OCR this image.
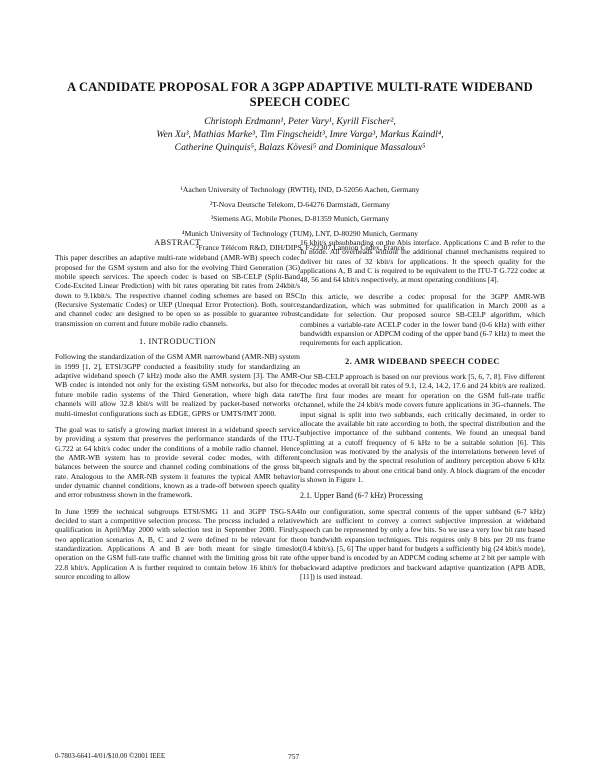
A CANDIDATE PROPOSAL FOR A 3GPP ADAPTIVE MULTI-RATE WIDEBAND SPEECH CODEC
Christoph Erdmann¹, Peter Vary¹, Kyrill Fischer²,
Wen Xu³, Mathias Marke³, Tim Fingscheidt³, Imre Varga³, Markus Kaindl⁴,
Catherine Quinquis⁵, Balazs Kövesi⁵ and Dominique Massaloux⁵
¹Aachen University of Technology (RWTH), IND, D-52056 Aachen, Germany
²T-Nova Deutsche Telekom, D-64276 Darmstadt, Germany
³Siemens AG, Mobile Phones, D-81359 Munich, Germany
⁴Munich University of Technology (TUM), LNT, D-80290 Munich, Germany
⁵France Télécom R&D, DIH/DIPS, F-22307 Lannion Cedex, France
ABSTRACT

This paper describes an adaptive multi-rate wideband (AMR-WB) speech codec proposed for the GSM system and also for the evolving Third Generation (3G) mobile speech services. The speech codec is based on SB-CELP (Split-Band Code-Excited Linear Prediction) with bit rates operating bit rates from 24kbit/s down to 9.1kbit/s. The respective channel coding schemes are based on RSC (Recursive Systematic Codes) or UEP (Unequal Error Protection). Both, source and channel codec are designed to be open so as possible to guarantee robust transmission on current and future mobile radio channels.

1. INTRODUCTION

Following the standardization of the GSM AMR narrowband (AMR-NB) system in 1999 [1, 2], ETSI/3GPP conducted a feasibility study for standardizing an adaptive wideband speech (7 kHz) mode also the AMR system [3]. The AMR-WB codec is intended not only for the existing GSM networks, but also for the future mobile radio systems of the Third Generation, where high data rate channels will allow 32.8 kbit/s will be realized by packet-based networks or multi-timeslot configurations such as EDGE, GPRS or UMTS/IMT 2000.

The goal was to satisfy a growing market interest in a wideband speech service by providing a system that preserves the performance standards of the ITU-T G.722 at 64 kbit/s codec under the conditions of a mobile radio channel. Hence the AMR-WB system has to provide several codec modes, with different balances between the source and channel coding combinations of the gross bit rate. Analogous to the AMR-NB system it features the typical AMR behavior under dynamic channel conditions, known as a trade-off between speech quality and error robustness shown in the framework.

In June 1999 the technical subgroups ETSI/SMG 11 and 3GPP TSG-SA4 decided to start a competitive selection process. The process included a relative qualification in April/May 2000 with selection test in September 2000. Firstly, two application scenarios A, B, C and 2 were defined to be relevant for the standardization. Applications A and B are both meant for single timeslot operation on the GSM full-rate traffic channel with the limiting gross bit rate of 22.8 kbit/s. Application A is further required to contain below 16 kbit/s for the source encoding to allow

16 kbit/s subsubbanding on the Abis interface. Applications C and B refer to the Iu mode. All overheads without the additional channel mechanisms required to deliver bit rates of 32 kbit/s for applications. It the speech quality for the applications A, B and C is required to be equivalent to the ITU-T G.722 codec at 48, 56 and 64 kbit/s respectively, at most operating conditions [4].

In this article, we describe a codec proposal for the 3GPP AMR-WB standardization, which was submitted for qualification in March 2000 as a candidate for selection. Our proposed source SB-CELP algorithm, which combines a variable-rate ACELP coder in the lower band (0-6 kHz) with either bandwidth expansion or ADPCM coding of the upper band (6-7 kHz) to meet the requirements for each application.

2. AMR WIDEBAND SPEECH CODEC

Our SB-CELP approach is based on our previous work [5, 6, 7, 8]. Five different codec modes at overall bit rates of 9.1, 12.4, 14.2, 17.6 and 24 kbit/s are realized. The first four modes are meant for operation on the GSM full-rate traffic channel, while the 24 kbit/s mode covers future applications in 3G-channels. The input signal is split into two subbands, each critically decimated, in order to allocate the available bit rate according to both, the spectral distribution and the subjective importance of the subband contents. We found an unequal band splitting at a cutoff frequency of 6 kHz to be a suitable solution [6]. This conclusion was motivated by the analysis of the interrelations between level of speech signals and by the spectral resolution of auditory perception above 6 kHz band corresponds to about one critical band only. A block diagram of the encoder is shown in Figure 1.

2.1. Upper Band (6-7 kHz) Processing

In our configuration, some spectral contents of the upper subband (6-7 kHz) which are sufficient to convey a correct subjective impression at wideband speech can be represented by only a few bits. So we use a very low bit rate based on bandwidth expansion techniques. This requires only 8 bits per 20 ms frame (0.4 kbit/s). [5, 6] The upper band for budgets a sufficiently big (24 kbit/s mode), the upper band is encoded by an ADPCM coding scheme at 2 bit per sample with backward adaptive predictors and backward adaptive quantization (APB ADB, [11]) is used instead.

0-7803-6641-4/01/$10.00 ©2001 IEEE	757
